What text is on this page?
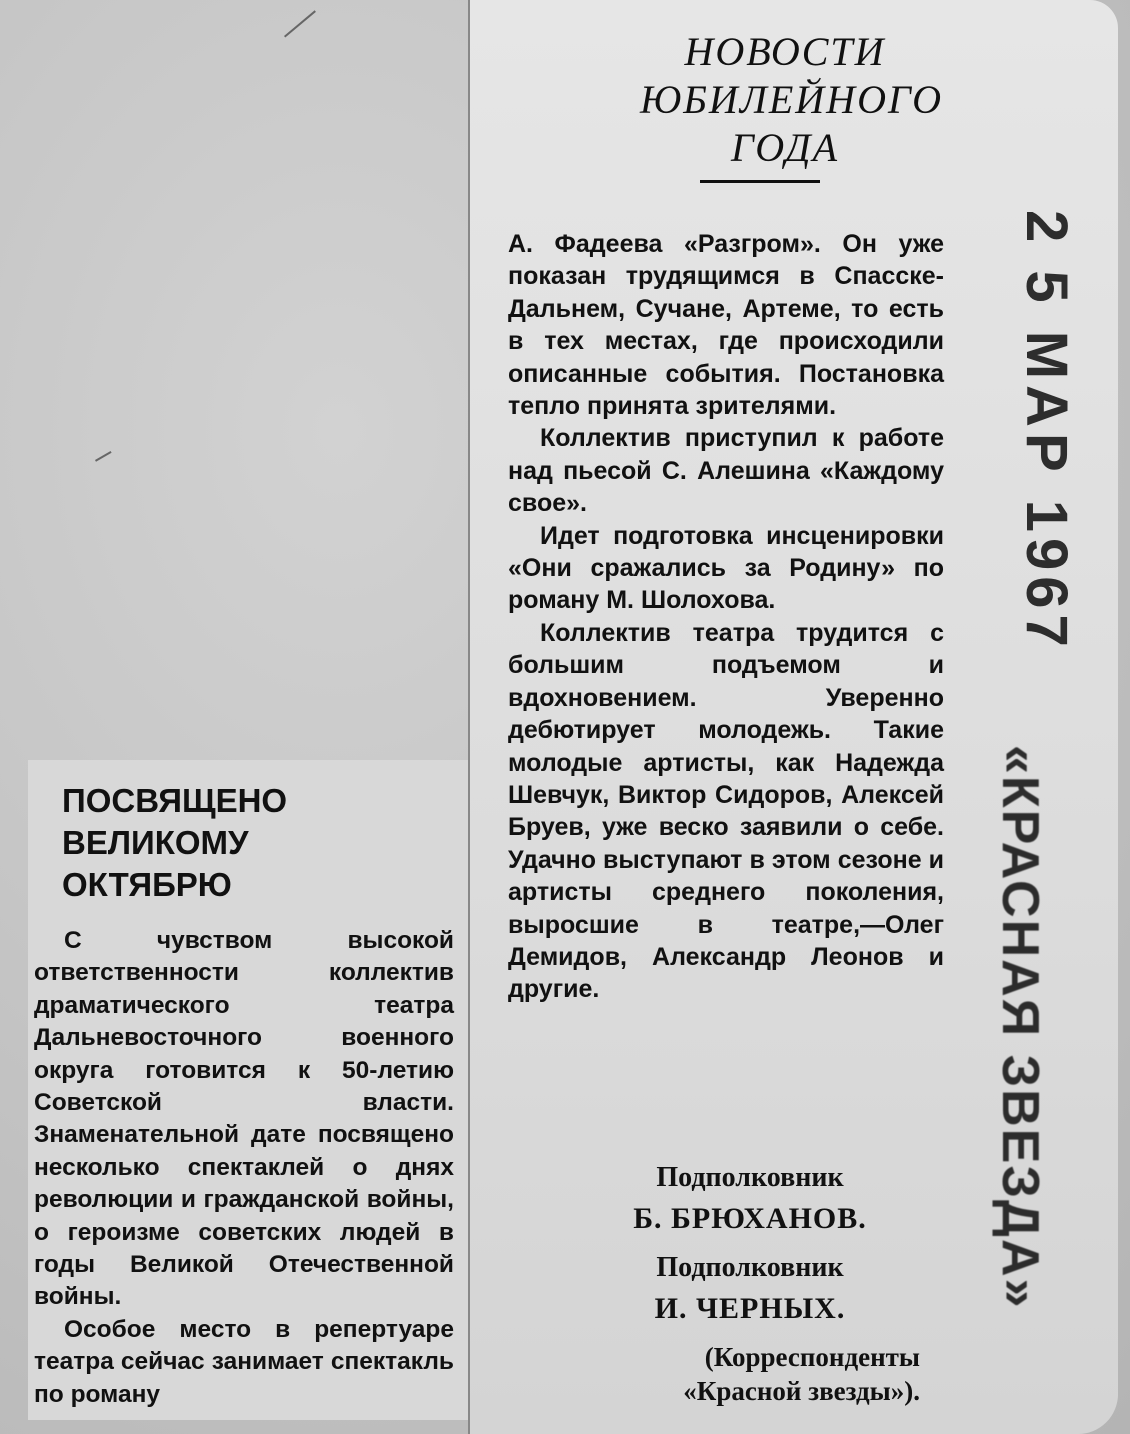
НОВОСТИ
ЮБИЛЕЙНОГО
ГОДА

А. Фадеева «Разгром». Он уже показан трудящимся в Спасске-Дальнем, Сучане, Артеме, то есть в тех местах, где происходили описанные события. Постановка тепло принята зрителями.

Коллектив приступил к работе над пьесой С. Алешина «Каждому свое».

Идет подготовка инсценировки «Они сражались за Родину» по роману М. Шолохова.

Коллектив театра трудится с большим подъемом и вдохновением. Уверенно дебютирует молодежь. Такие молодые артисты, как Надежда Шевчук, Виктор Сидоров, Алексей Бруев, уже веско заявили о себе. Удачно выступают в этом сезоне и артисты среднего поколения, выросшие в театре,—Олег Демидов, Александр Леонов и другие.

ПОСВЯЩЕНО
ВЕЛИКОМУ
ОКТЯБРЮ

С чувством высокой ответственности коллектив драматического театра Дальневосточного военного округа готовится к 50-летию Советской власти. Знаменательной дате посвящено несколько спектаклей о днях революции и гражданской войны, о героизме советских людей в годы Великой Отечественной войны.

Особое место в репертуаре театра сейчас занимает спектакль по роману

Подполковник
Б. БРЮХАНОВ.
Подполковник
И. ЧЕРНЫХ.
(Корреспонденты
«Красной звезды»).
2 5 МАР 1967
«КРАСНАЯ ЗВЕЗДА»
